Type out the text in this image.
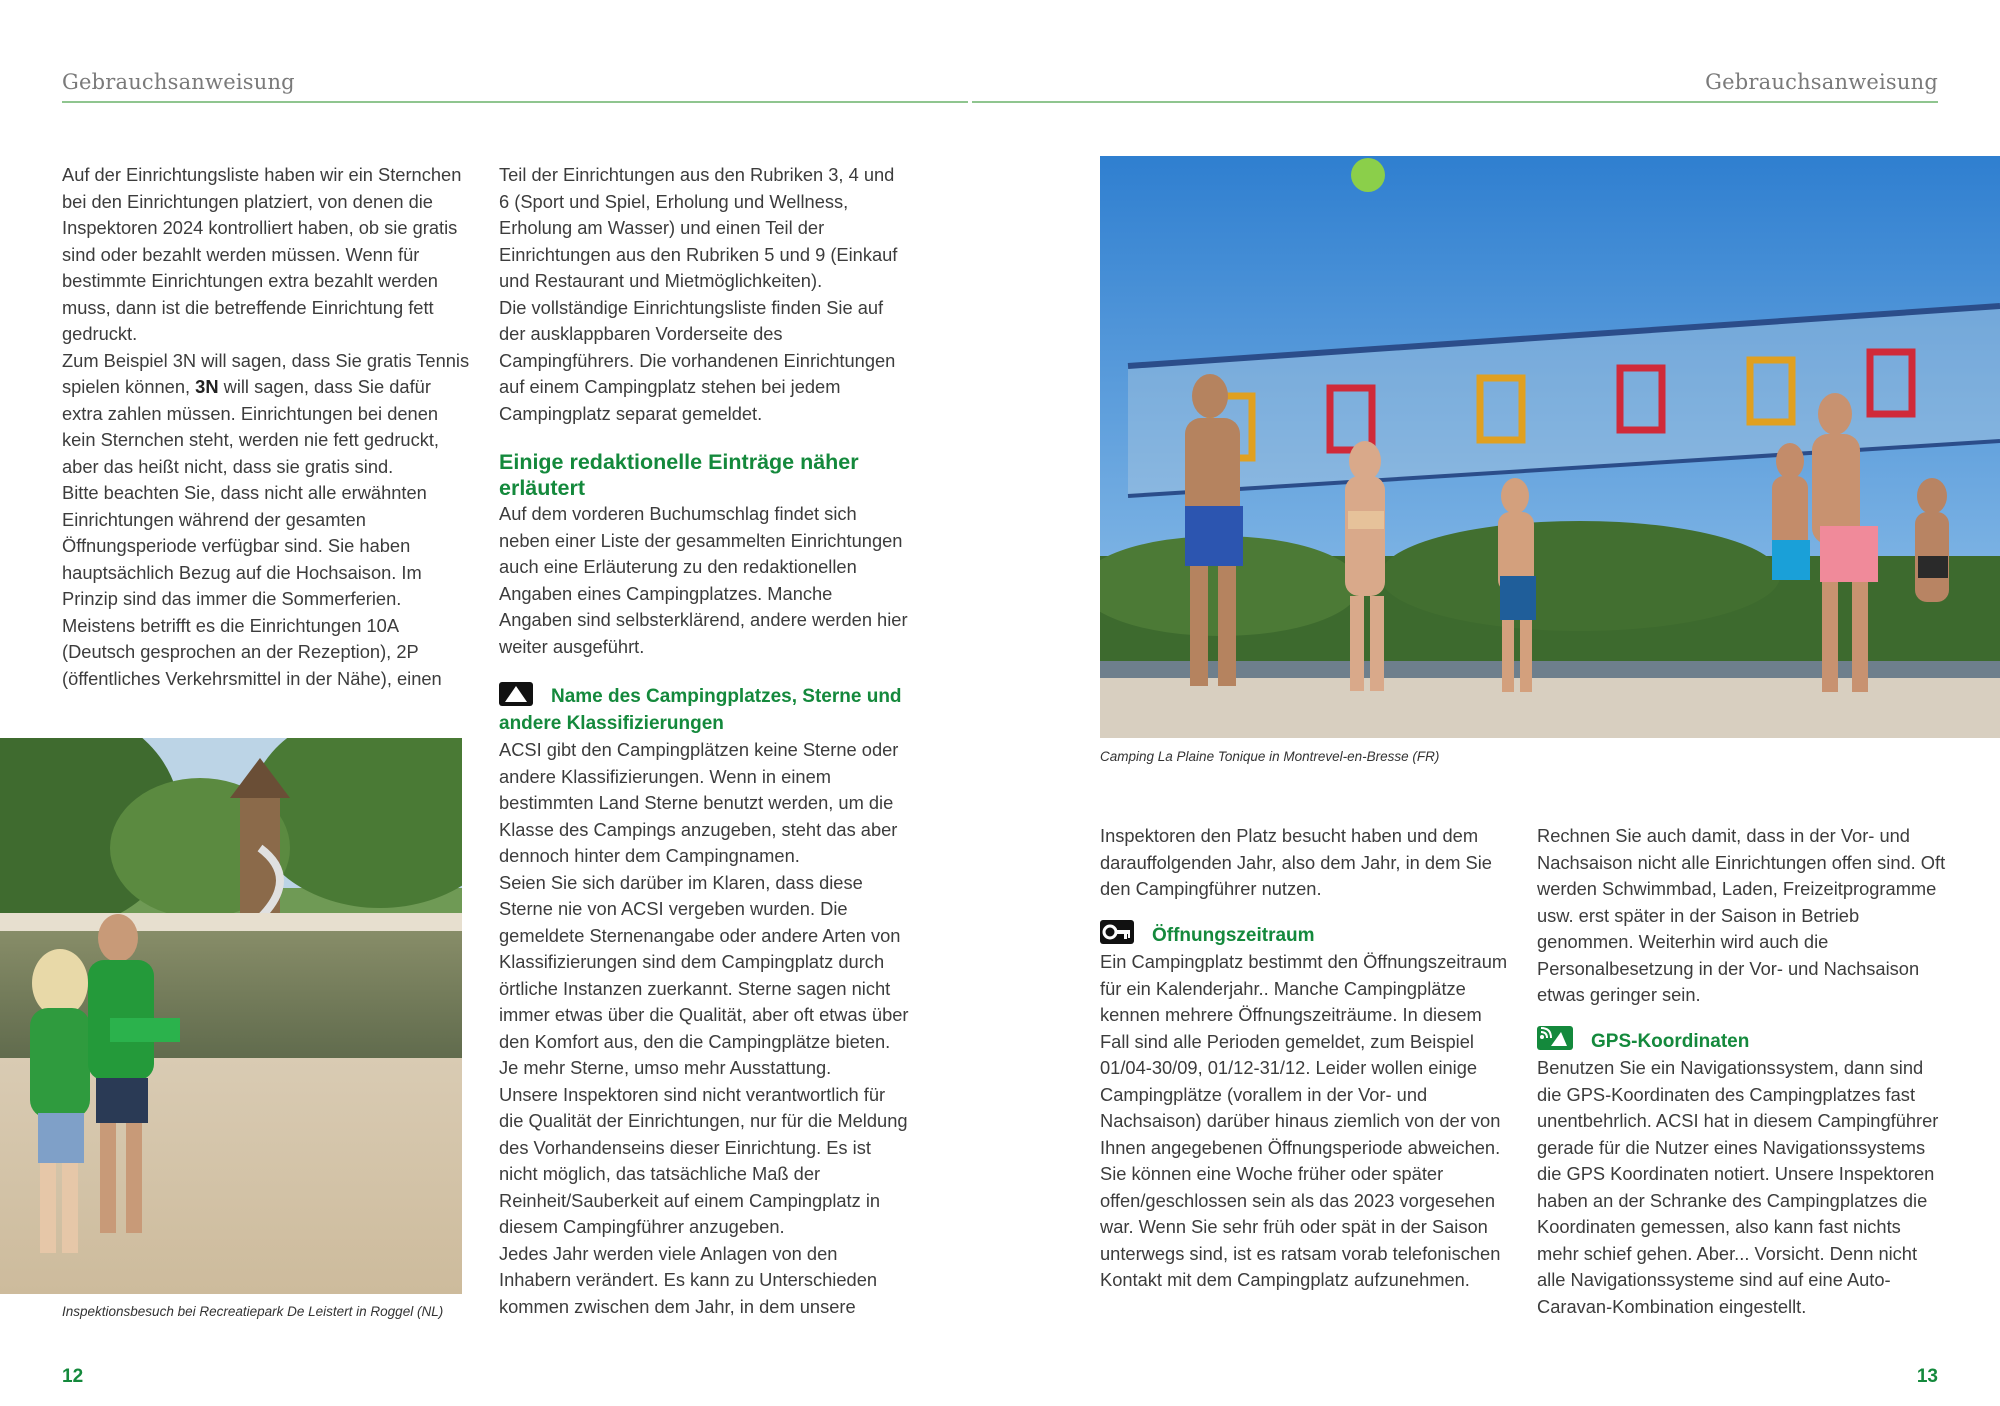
Gebrauchsanweisung	Gebrauchsanweisung

Auf der Einrichtungsliste haben wir ein Sternchen bei den Einrichtungen platziert, von denen die Inspektoren 2024 kontrolliert haben, ob sie gratis sind oder bezahlt werden müssen. Wenn für bestimmte Einrichtungen extra bezahlt werden muss, dann ist die betreffende Einrichtung fett gedruckt.

Zum Beispiel 3N will sagen, dass Sie gratis Tennis spielen können, 3N will sagen, dass Sie dafür extra zahlen müssen. Einrichtungen bei denen kein Sternchen steht, werden nie fett gedruckt, aber das heißt nicht, dass sie gratis sind.

Bitte beachten Sie, dass nicht alle erwähnten Einrichtungen während der gesamten Öffnungsperiode verfügbar sind. Sie haben hauptsächlich Bezug auf die Hochsaison. Im Prinzip sind das immer die Sommerferien.

Meistens betrifft es die Einrichtungen 10A (Deutsch gesprochen an der Rezeption), 2P (öffentliches Verkehrsmittel in der Nähe), einen

Inspektionsbesuch bei Recreatiepark De Leistert in Roggel (NL)

Teil der Einrichtungen aus den Rubriken 3, 4 und 6 (Sport und Spiel, Erholung und Wellness, Erholung am Wasser) und einen Teil der Einrichtungen aus den Rubriken 5 und 9 (Einkauf und Restaurant und Mietmöglichkeiten).

Die vollständige Einrichtungsliste finden Sie auf der ausklappbaren Vorderseite des Campingführers. Die vorhandenen Einrichtungen auf einem Campingplatz stehen bei jedem Campingplatz separat gemeldet.

Einige redaktionelle Einträge näher erläutert

Auf dem vorderen Buchumschlag findet sich neben einer Liste der gesammelten Einrichtungen auch eine Erläuterung zu den redaktionellen Angaben eines Campingplatzes. Manche Angaben sind selbsterklärend, andere werden hier weiter ausgeführt.

Name des Campingplatzes, Sterne und andere Klassifizierungen

ACSI gibt den Campingplätzen keine Sterne oder andere Klassifizierungen. Wenn in einem bestimmten Land Sterne benutzt werden, um die Klasse des Campings anzugeben, steht das aber dennoch hinter dem Campingnamen.

Seien Sie sich darüber im Klaren, dass diese Sterne nie von ACSI vergeben wurden. Die gemeldete Sternenangabe oder andere Arten von Klassifizierungen sind dem Campingplatz durch örtliche Instanzen zuerkannt. Sterne sagen nicht immer etwas über die Qualität, aber oft etwas über den Komfort aus, den die Campingplätze bieten. Je mehr Sterne, umso mehr Ausstattung.

Unsere Inspektoren sind nicht verantwortlich für die Qualität der Einrichtungen, nur für die Meldung des Vorhandenseins dieser Einrichtung. Es ist nicht möglich, das tatsächliche Maß der Reinheit/Sauberkeit auf einem Campingplatz in diesem Campingführer anzugeben.

Jedes Jahr werden viele Anlagen von den Inhabern verändert. Es kann zu Unterschieden kommen zwischen dem Jahr, in dem unsere

Camping La Plaine Tonique in Montrevel-en-Bresse (FR)

Inspektoren den Platz besucht haben und dem darauffolgenden Jahr, also dem Jahr, in dem Sie den Campingführer nutzen.

Öffnungszeitraum

Ein Campingplatz bestimmt den Öffnungszeitraum für ein Kalenderjahr.. Manche Campingplätze kennen mehrere Öffnungszeiträume. In diesem Fall sind alle Perioden gemeldet, zum Beispiel 01/04-30/09, 01/12-31/12. Leider wollen einige Campingplätze (vorallem in der Vor- und Nachsaison) darüber hinaus ziemlich von der von Ihnen angegebenen Öffnungsperiode abweichen. Sie können eine Woche früher oder später offen/geschlossen sein als das 2023 vorgesehen war. Wenn Sie sehr früh oder spät in der Saison unterwegs sind, ist es ratsam vorab telefonischen Kontakt mit dem Campingplatz aufzunehmen.

Rechnen Sie auch damit, dass in der Vor- und Nachsaison nicht alle Einrichtungen offen sind. Oft werden Schwimmbad, Laden, Freizeitprogramme usw. erst später in der Saison in Betrieb genommen. Weiterhin wird auch die Personalbesetzung in der Vor- und Nachsaison etwas geringer sein.

GPS-Koordinaten

Benutzen Sie ein Navigationssystem, dann sind die GPS-Koordinaten des Campingplatzes fast unentbehrlich. ACSI hat in diesem Campingführer gerade für die Nutzer eines Navigationssystems die GPS Koordinaten notiert. Unsere Inspektoren haben an der Schranke des Campingplatzes die Koordinaten gemessen, also kann fast nichts mehr schief gehen. Aber... Vorsicht. Denn nicht alle Navigationssysteme sind auf eine Auto-Caravan-Kombination eingestellt.

12	13
